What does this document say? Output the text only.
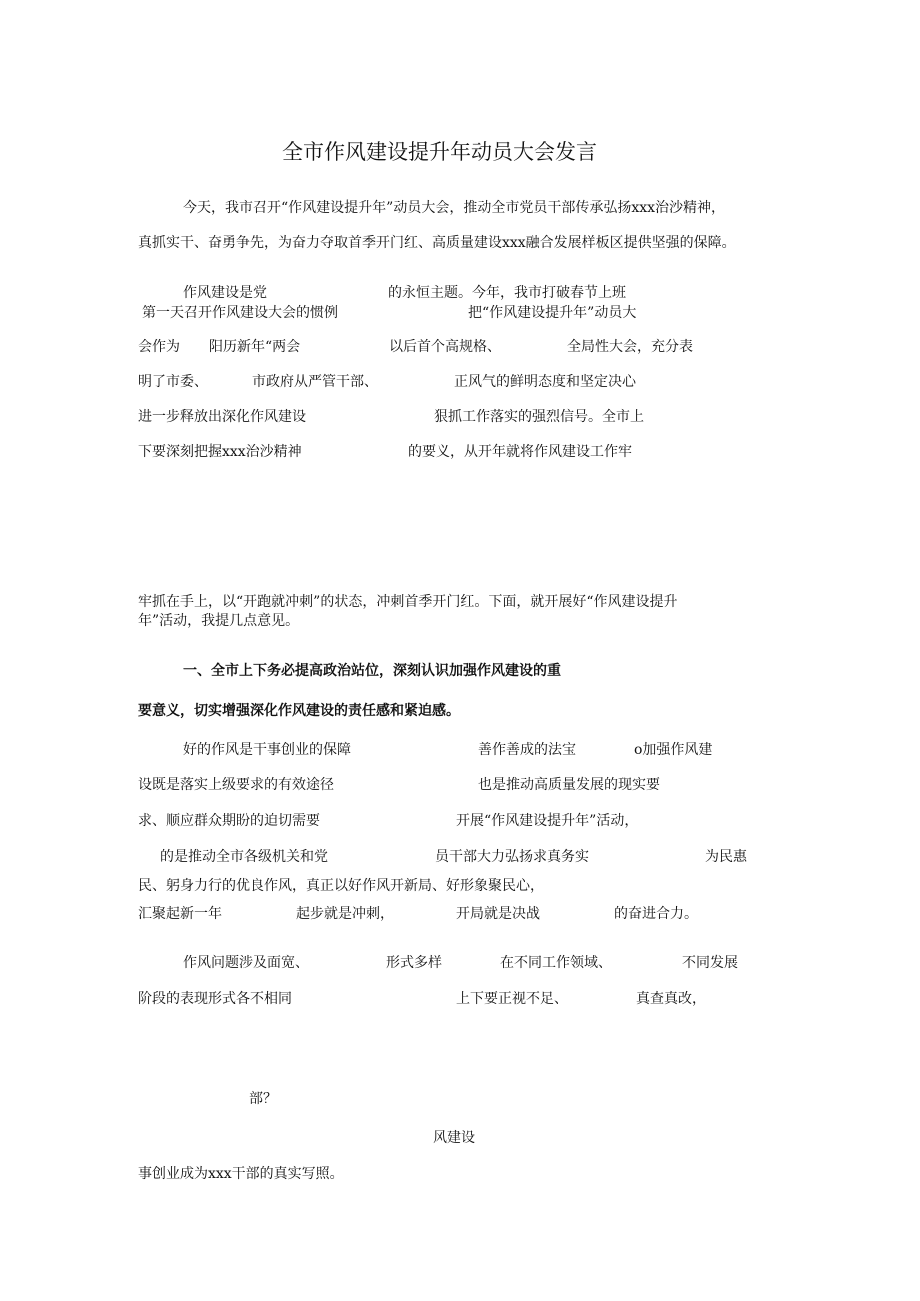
全市作风建设提升年动员大会发言
今天，我市召开“作风建设提升年”动员大会，推动全市党员干部传承弘扬xxx治沙精神，
真抓实干、奋勇争先，为奋力夺取首季开门红、高质量建设xxx融合发展样板区提供坚强的保障。
作风建设是党	的永恒主题。今年，我市打破春节上班
第一天召开作风建设大会的惯例	把“作风建设提升年”动员大
会作为 阳历新年“两会	以后首个高规格、	全局性大会，充分表
明了市委、	市政府从严管干部、	正风气的鲜明态度和坚定决心
进一步释放出深化作风建设	狠抓工作落实的强烈信号。全市上
下要深刻把握xxx治沙精神	的要义，从开年就将作风建设工作牢
牢抓在手上，以“开跑就冲刺”的状态，冲刺首季开门红。下面，就开展好“作风建设提升
年”活动，我提几点意见。
一、全市上下务必提高政治站位，深刻认识加强作风建设的重
要意义，切实增强深化作风建设的责任感和紧迫感。
好的作风是干事创业的保障	善作善成的法宝	o加强作风建
设既是落实上级要求的有效途径	也是推动高质量发展的现实要
求、顺应群众期盼的迫切需要	开展“作风建设提升年”活动，
的是推动全市各级机关和党	员干部大力弘扬求真务实	为民惠
民、躬身力行的优良作风，真正以好作风开新局、好形象聚民心，
汇聚起新一年	起步就是冲刺，	开局就是决战	的奋进合力。
作风问题涉及面宽、	形式多样	在不同工作领域、	不同发展
阶段的表现形式各不相同	上下要正视不足、	真查真改，
部？
风建设
事创业成为xxx干部的真实写照。
